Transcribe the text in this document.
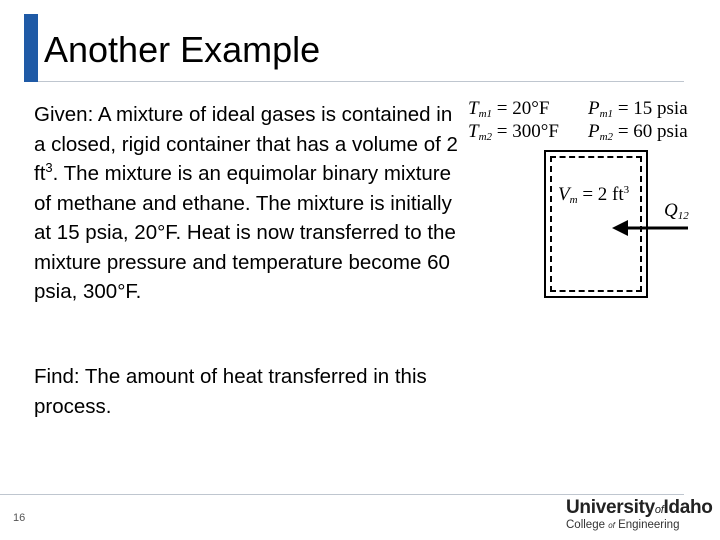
Another Example
Given: A mixture of ideal gases is contained in a closed, rigid container that has a volume of 2 $ft^3$. The mixture is an equimolar binary mixture of methane and ethane. The mixture is initially at 15 psia, 20°F. Heat is now transferred to the mixture pressure and temperature become 60 psia, 300°F.
Find: The amount of heat transferred in this process.
Tm1 = 20°F
Tm2 = 300°F
Pm1 = 15 psia
Pm2 = 60 psia
Vm = 2 $ft^3$
Q12
16	UniversityofIdaho
College of Engineering
